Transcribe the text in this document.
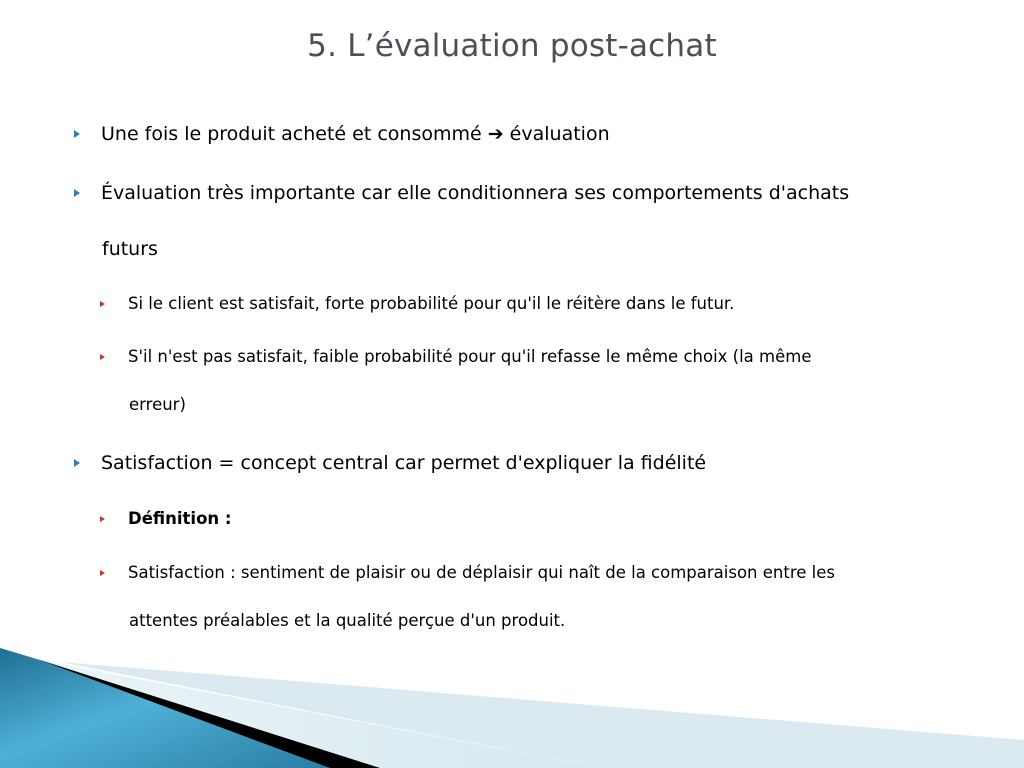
5. L’évaluation post-achat
Une fois le produit acheté et consommé ➔ évaluation
Évaluation très importante car elle conditionnera ses comportements d'achats
futurs
Si le client est satisfait, forte probabilité pour qu'il le réitère dans le futur.
S'il n'est pas satisfait, faible probabilité pour qu'il refasse le même choix (la même
erreur)
Satisfaction = concept central car permet d'expliquer la fidélité
Définition :
Satisfaction : sentiment de plaisir ou de déplaisir qui naît de la comparaison entre les
attentes préalables et la qualité perçue d'un produit.
